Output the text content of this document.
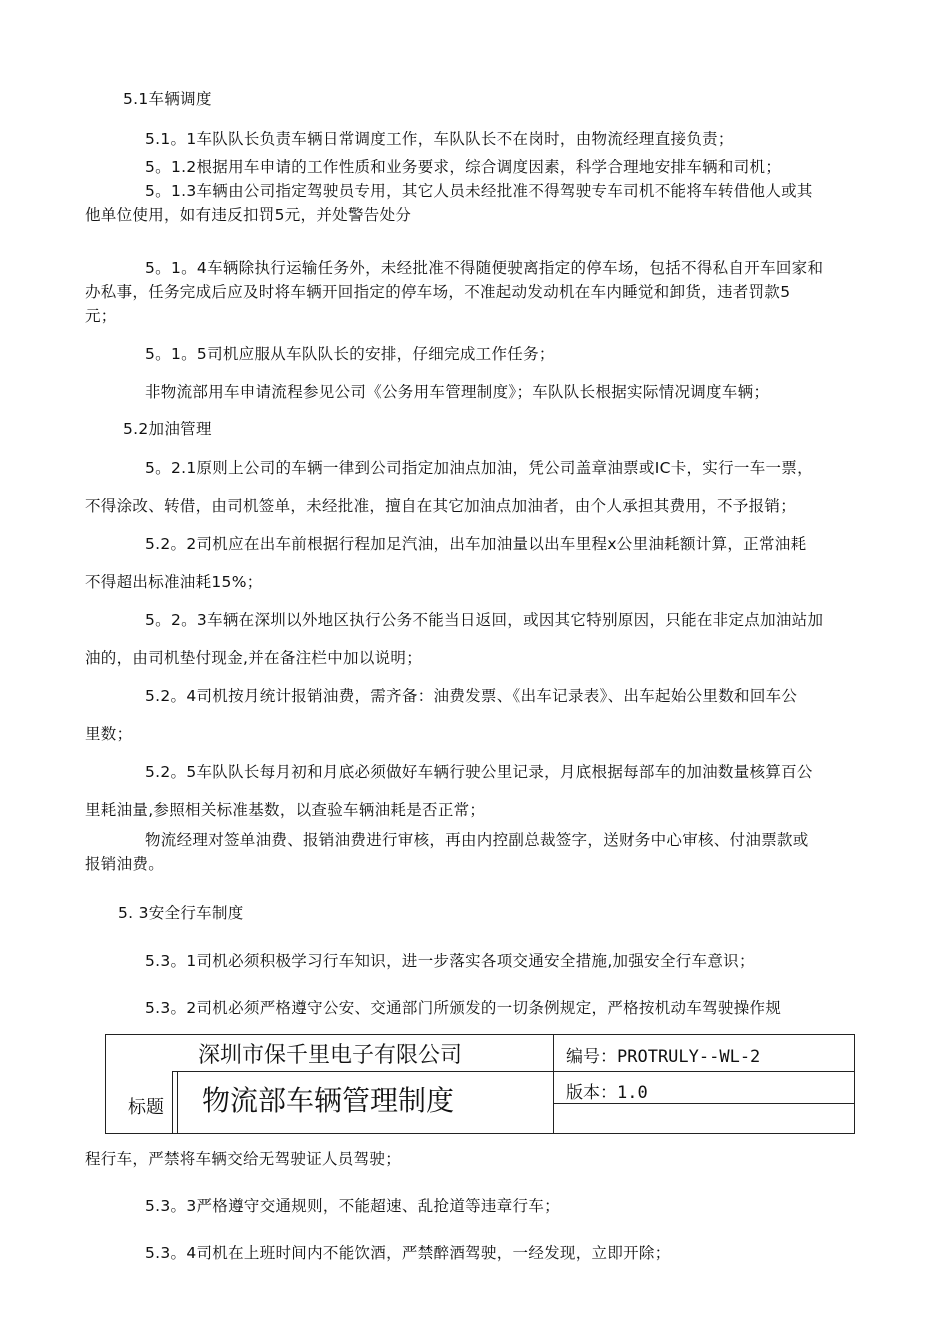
5.1车辆调度
5.1。1车队队长负责车辆日常调度工作，车队队长不在岗时，由物流经理直接负责；
5。1.2根据用车申请的工作性质和业务要求，综合调度因素，科学合理地安排车辆和司机；
5。1.3车辆由公司指定驾驶员专用，其它人员未经批准不得驾驶专车司机不能将车转借他人或其
他单位使用，如有违反扣罚5元，并处警告处分
5。1。4车辆除执行运输任务外，未经批准不得随便驶离指定的停车场，包括不得私自开车回家和
办私事，任务完成后应及时将车辆开回指定的停车场，不准起动发动机在车内睡觉和卸货，违者罚款5
元；
5。1。5司机应服从车队队长的安排，仔细完成工作任务；
非物流部用车申请流程参见公司《公务用车管理制度》；车队队长根据实际情况调度车辆；
5.2加油管理
5。2.1原则上公司的车辆一律到公司指定加油点加油，凭公司盖章油票或IC卡，实行一车一票，
不得涂改、转借，由司机签单，未经批准，擅自在其它加油点加油者，由个人承担其费用，不予报销；
5.2。2司机应在出车前根据行程加足汽油，出车加油量以出车里程x公里油耗额计算，正常油耗
不得超出标准油耗15%；
5。2。3车辆在深圳以外地区执行公务不能当日返回，或因其它特别原因，只能在非定点加油站加
油的，由司机垫付现金,并在备注栏中加以说明；
5.2。4司机按月统计报销油费，需齐备：油费发票、《出车记录表》、出车起始公里数和回车公
里数；
5.2。5车队队长每月初和月底必须做好车辆行驶公里记录，月底根据每部车的加油数量核算百公
里耗油量,参照相关标准基数，以查验车辆油耗是否正常；
物流经理对签单油费、报销油费进行审核，再由内控副总裁签字，送财务中心审核、付油票款或
报销油费。
5. 3安全行车制度
5.3。1司机必须积极学习行车知识，进一步落实各项交通安全措施,加强安全行车意识；
5.3。2司机必须严格遵守公安、交通部门所颁发的一切条例规定，严格按机动车驾驶操作规
深圳市保千里电子有限公司	编号：PROTRULY--WL-2
标题 物流部车辆管理制度	版本：1.0
程行车，严禁将车辆交给无驾驶证人员驾驶；
5.3。3严格遵守交通规则，不能超速、乱抢道等违章行车；
5.3。4司机在上班时间内不能饮酒，严禁醉酒驾驶，一经发现，立即开除；
